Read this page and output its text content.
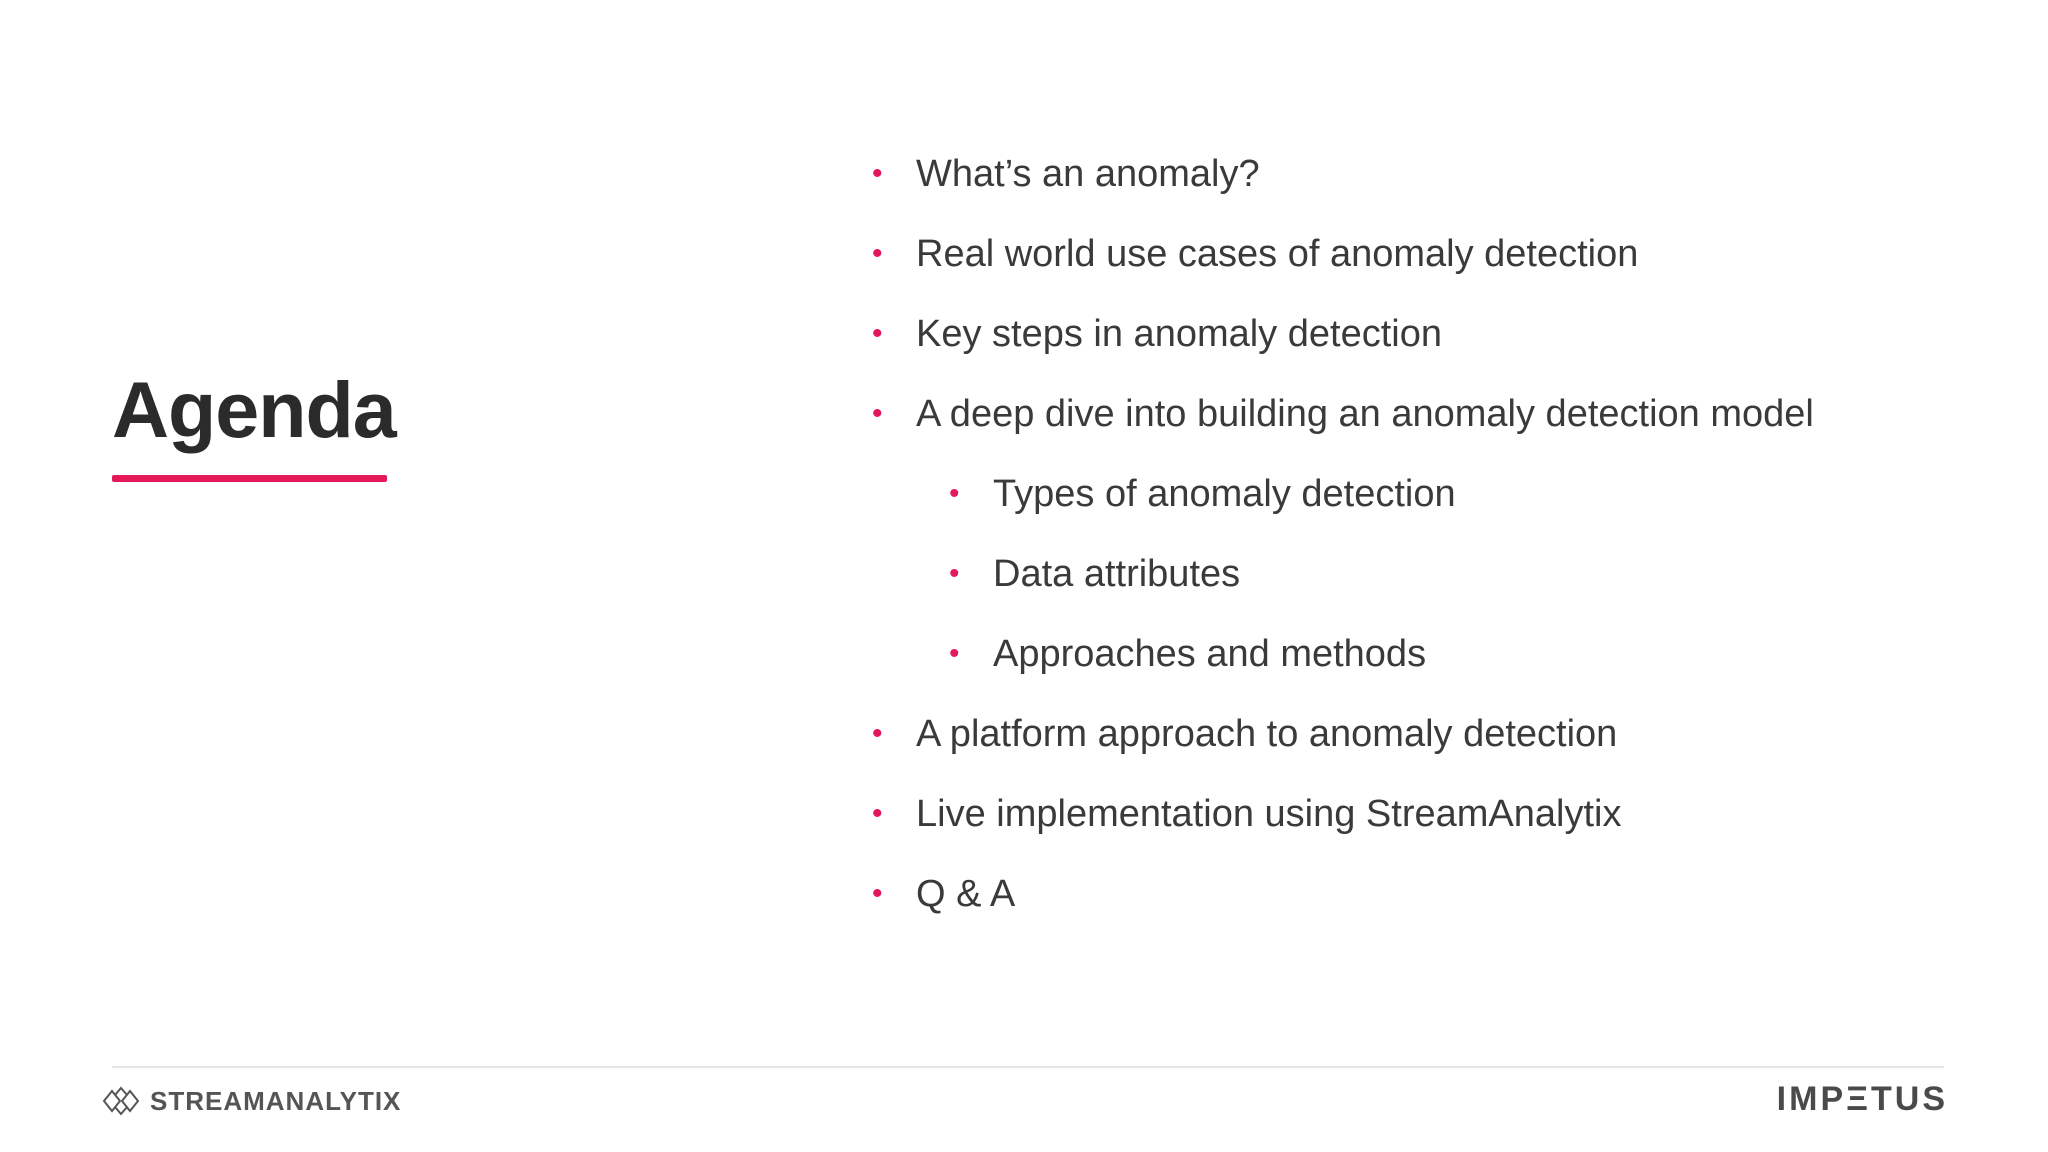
Agenda
• What’s an anomaly?
• Real world use cases of anomaly detection
• Key steps in anomaly detection
• A deep dive into building an anomaly detection model
• Types of anomaly detection
• Data attributes
• Approaches and methods
• A platform approach to anomaly detection
• Live implementation using StreamAnalytix
• Q & A
STREAMANALYTIX	IMPΞTUS
